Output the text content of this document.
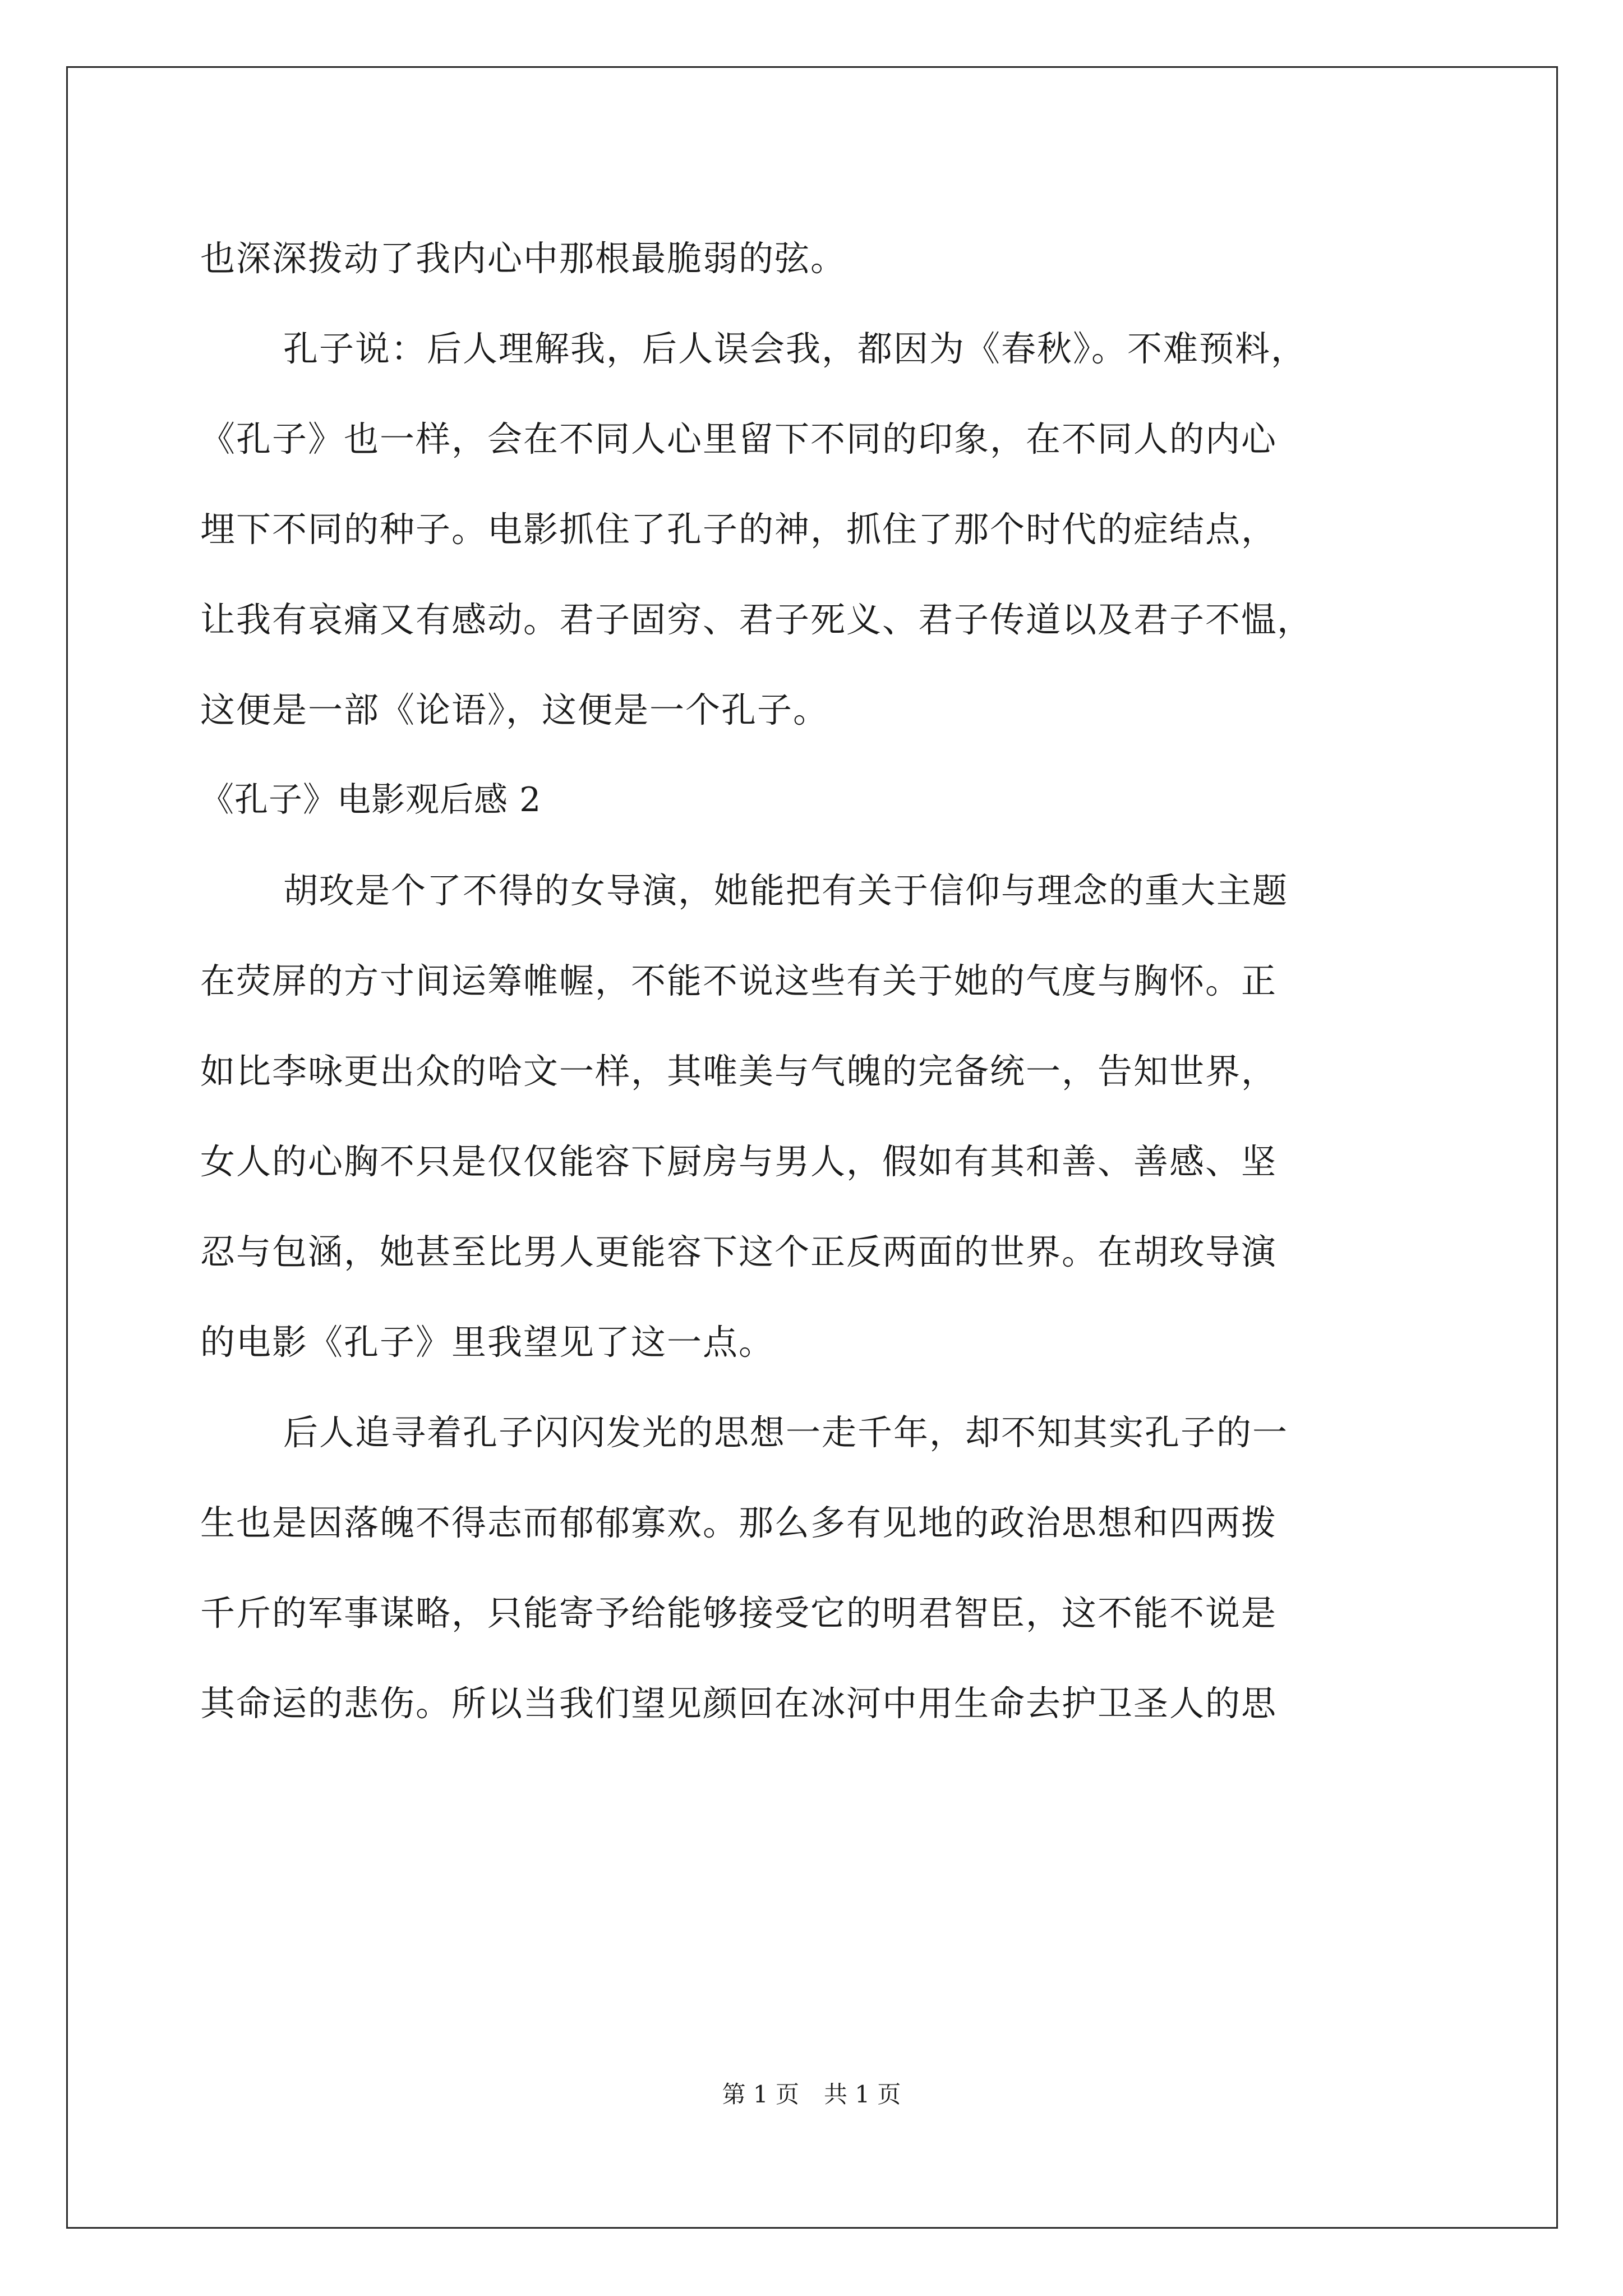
也深深拨动了我内心中那根最脆弱的弦。
孔子说：后人理解我，后人误会我，都因为《春秋》。不难预料，
《孔子》也一样，会在不同人心里留下不同的印象，在不同人的内心
埋下不同的种子。电影抓住了孔子的神，抓住了那个时代的症结点，
让我有哀痛又有感动。君子固穷、君子死义、君子传道以及君子不愠，
这便是一部《论语》，这便是一个孔子。
《孔子》电影观后感 2
胡玫是个了不得的女导演，她能把有关于信仰与理念的重大主题
在荧屏的方寸间运筹帷幄，不能不说这些有关于她的气度与胸怀。正
如比李咏更出众的哈文一样，其唯美与气魄的完备统一，告知世界，
女人的心胸不只是仅仅能容下厨房与男人，假如有其和善、善感、坚
忍与包涵，她甚至比男人更能容下这个正反两面的世界。在胡玫导演
的电影《孔子》里我望见了这一点。
后人追寻着孔子闪闪发光的思想一走千年，却不知其实孔子的一
生也是因落魄不得志而郁郁寡欢。那么多有见地的政治思想和四两拨
千斤的军事谋略，只能寄予给能够接受它的明君智臣，这不能不说是
其命运的悲伤。所以当我们望见颜回在冰河中用生命去护卫圣人的思
第 1 页 共 1 页
